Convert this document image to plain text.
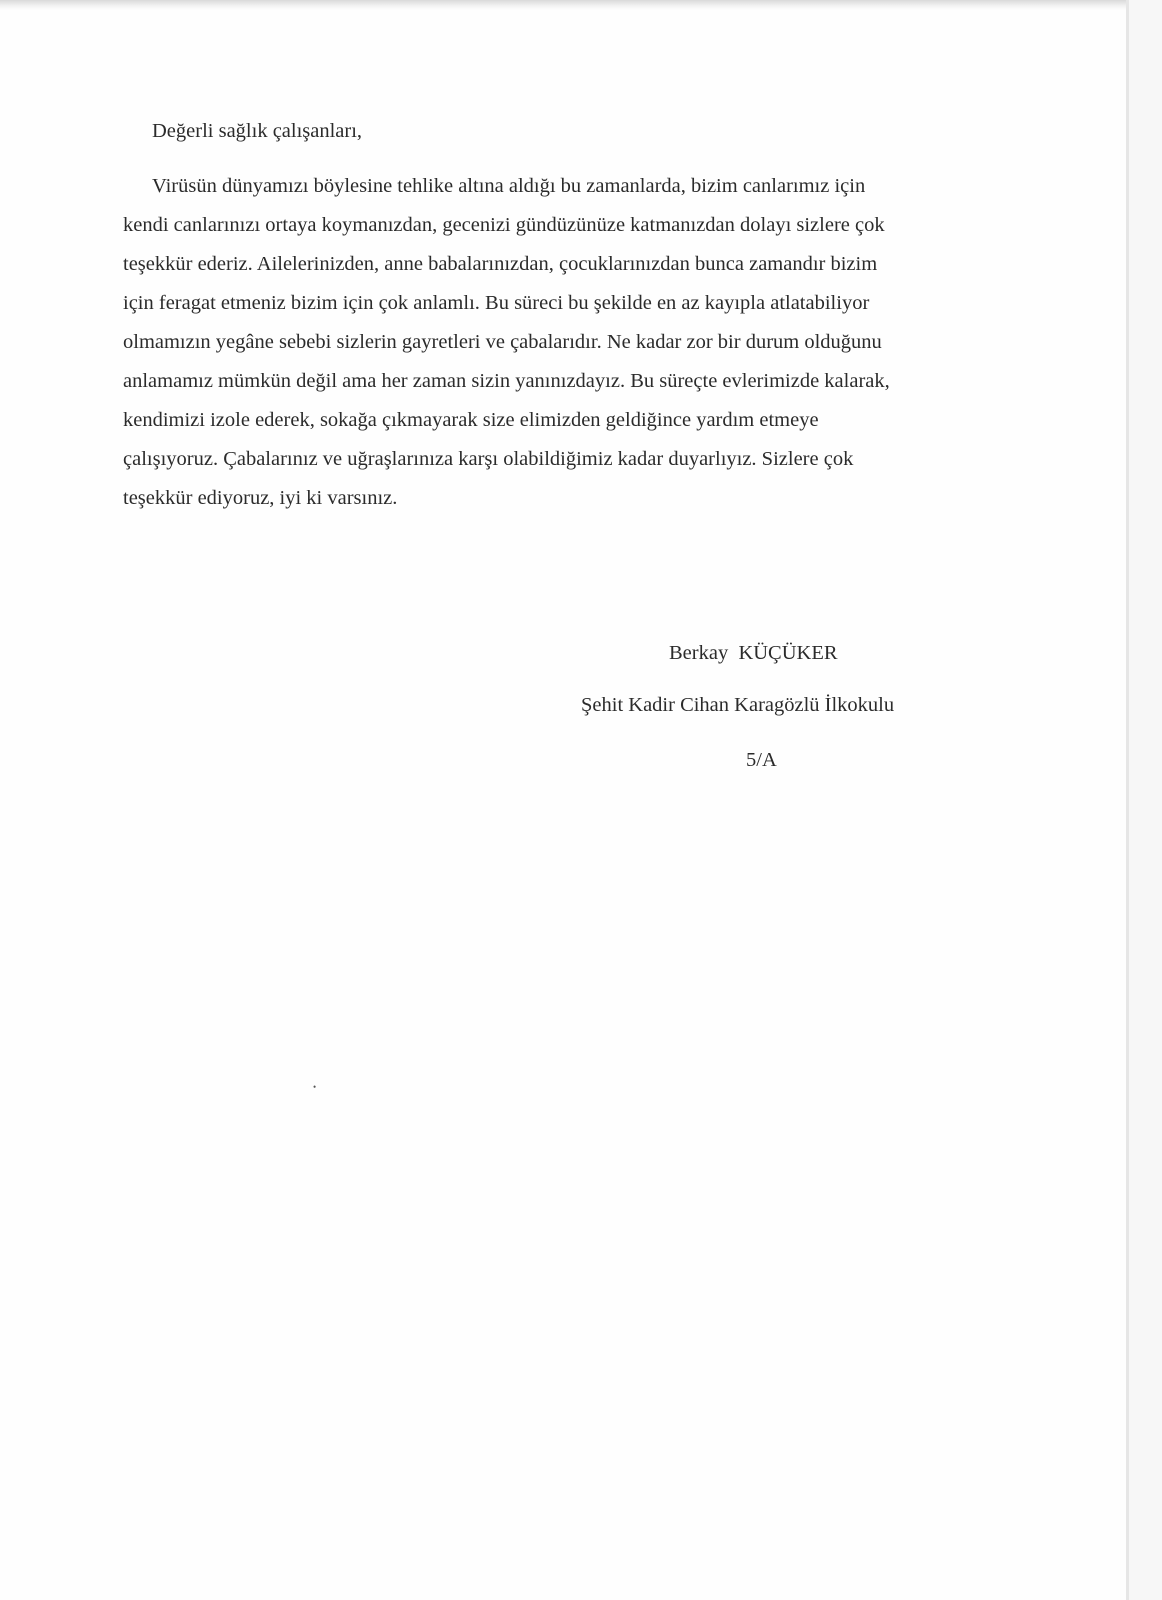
Değerli sağlık çalışanları,
Virüsün dünyamızı böylesine tehlike altına aldığı bu zamanlarda, bizim canlarımız için
kendi canlarınızı ortaya koymanızdan, gecenizi gündüzünüze katmanızdan dolayı sizlere çok
teşekkür ederiz. Ailelerinizden, anne babalarınızdan, çocuklarınızdan bunca zamandır bizim
için feragat etmeniz bizim için çok anlamlı. Bu süreci bu şekilde en az kayıpla atlatabiliyor
olmamızın yegâne sebebi sizlerin gayretleri ve çabalarıdır. Ne kadar zor bir durum olduğunu
anlamamız mümkün değil ama her zaman sizin yanınızdayız. Bu süreçte evlerimizde kalarak,
kendimizi izole ederek, sokağa çıkmayarak size elimizden geldiğince yardım etmeye
çalışıyoruz. Çabalarınız ve uğraşlarınıza karşı olabildiğimiz kadar duyarlıyız. Sizlere çok
teşekkür ediyoruz, iyi ki varsınız.
Berkay  KÜÇÜKER
Şehit Kadir Cihan Karagözlü İlkokulu
5/A
•
